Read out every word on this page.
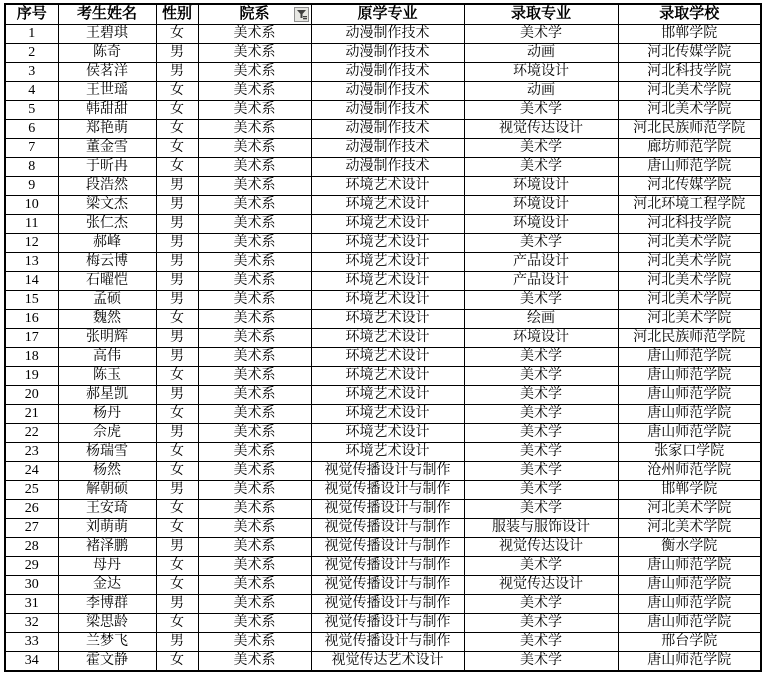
序号	考生姓名	性别	院系	原学专业	录取专业	录取学校
1	王碧琪	女	美术系	动漫制作技术	美术学	邯郸学院
2	陈奇	男	美术系	动漫制作技术	动画	河北传媒学院
3	侯茗洋	男	美术系	动漫制作技术	环境设计	河北科技学院
4	王世瑶	女	美术系	动漫制作技术	动画	河北美术学院
5	韩甜甜	女	美术系	动漫制作技术	美术学	河北美术学院
6	郑艳萌	女	美术系	动漫制作技术	视觉传达设计	河北民族师范学院
7	董金雪	女	美术系	动漫制作技术	美术学	廊坊师范学院
8	于昕冉	女	美术系	动漫制作技术	美术学	唐山师范学院
9	段浩然	男	美术系	环境艺术设计	环境设计	河北传媒学院
10	梁文杰	男	美术系	环境艺术设计	环境设计	河北环境工程学院
11	张仁杰	男	美术系	环境艺术设计	环境设计	河北科技学院
12	郝峰	男	美术系	环境艺术设计	美术学	河北美术学院
13	梅云博	男	美术系	环境艺术设计	产品设计	河北美术学院
14	石曜恺	男	美术系	环境艺术设计	产品设计	河北美术学院
15	孟硕	男	美术系	环境艺术设计	美术学	河北美术学院
16	魏然	女	美术系	环境艺术设计	绘画	河北美术学院
17	张明辉	男	美术系	环境艺术设计	环境设计	河北民族师范学院
18	高伟	男	美术系	环境艺术设计	美术学	唐山师范学院
19	陈玉	女	美术系	环境艺术设计	美术学	唐山师范学院
20	郝星凯	男	美术系	环境艺术设计	美术学	唐山师范学院
21	杨丹	女	美术系	环境艺术设计	美术学	唐山师范学院
22	佘虎	男	美术系	环境艺术设计	美术学	唐山师范学院
23	杨瑞雪	女	美术系	环境艺术设计	美术学	张家口学院
24	杨然	女	美术系	视觉传播设计与制作	美术学	沧州师范学院
25	解朝硕	男	美术系	视觉传播设计与制作	美术学	邯郸学院
26	王安琦	女	美术系	视觉传播设计与制作	美术学	河北美术学院
27	刘萌萌	女	美术系	视觉传播设计与制作	服装与服饰设计	河北美术学院
28	褚泽鹏	男	美术系	视觉传播设计与制作	视觉传达设计	衡水学院
29	母丹	女	美术系	视觉传播设计与制作	美术学	唐山师范学院
30	金达	女	美术系	视觉传播设计与制作	视觉传达设计	唐山师范学院
31	李博群	男	美术系	视觉传播设计与制作	美术学	唐山师范学院
32	梁思龄	女	美术系	视觉传播设计与制作	美术学	唐山师范学院
33	兰梦飞	男	美术系	视觉传播设计与制作	美术学	邢台学院
34	霍文静	女	美术系	视觉传达艺术设计	美术学	唐山师范学院
